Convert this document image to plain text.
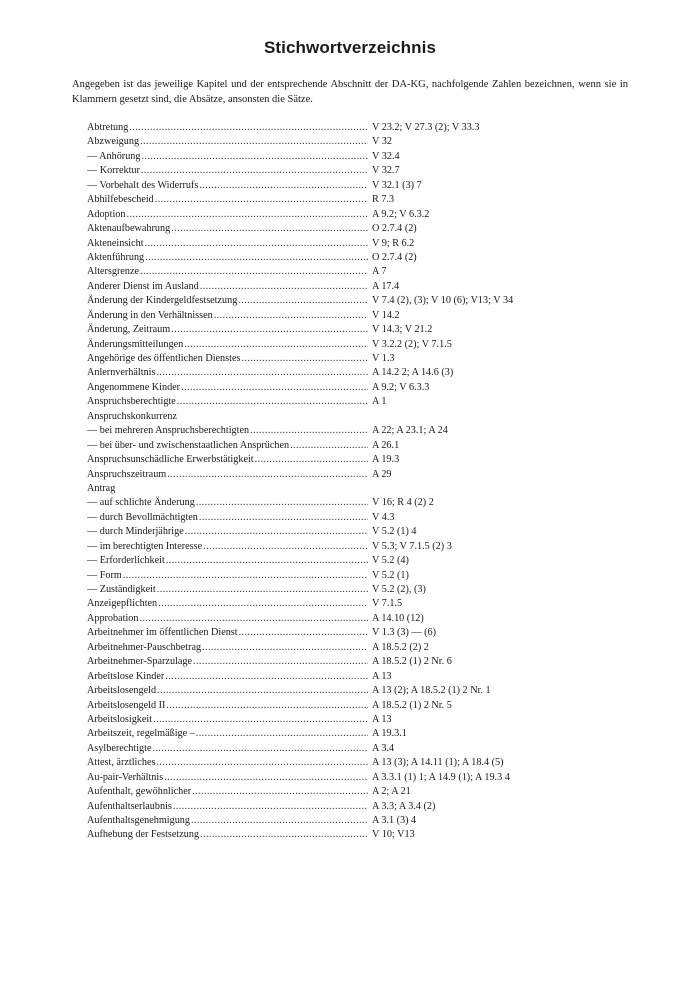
Stichwortverzeichnis
Angegeben ist das jeweilige Kapitel und der entsprechende Abschnitt der DA-KG, nachfolgende Zahlen bezeichnen, wenn sie in Klammern gesetzt sind, die Absätze, ansonsten die Sätze.
Abtretung .....	V 23.2; V 27.3 (2); V 33.3
Abzweigung .....	V 32
— Anhörung .....	V 32.4
— Korrektur .....	V 32.7
— Vorbehalt des Widerrufs .....	V 32.1 (3) 7
Abhilfebescheid .....	R 7.3
Adoption .....	A 9.2; V 6.3.2
Aktenaufbewahrung .....	O 2.7.4 (2)
Akteneinsicht .....	V 9; R 6.2
Aktenführung .....	O 2.7.4 (2)
Altersgrenze .....	A 7
Anderer Dienst im Ausland .....	A 17.4
Änderung der Kindergeldfestsetzung .....	V 7.4 (2), (3); V 10 (6); V13; V 34
Änderung in den Verhältnissen .....	V 14.2
Änderung, Zeitraum .....	V 14.3; V 21.2
Änderungsmitteilungen .....	V 3.2.2 (2); V 7.1.5
Angehörige des öffentlichen Dienstes .....	V 1.3
Anlernverhältnis .....	A 14.2 2; A 14.6 (3)
Angenommene Kinder .....	A 9.2; V 6.3.3
Anspruchsberechtigte .....	A 1
Anspruchskonkurrenz
— bei mehreren Anspruchsberechtigten .....	A 22; A 23.1; A 24
— bei über- und zwischenstaatlichen Ansprüchen .....	A 26.1
Anspruchsunschädliche Erwerbstätigkeit .....	A 19.3
Anspruchszeitraum .....	A 29
Antrag
— auf schlichte Änderung .....	V 16; R 4 (2) 2
— durch Bevollmächtigten .....	V 4.3
— durch Minderjährige .....	V 5.2 (1) 4
— im berechtigten Interesse .....	V 5.3; V 7.1.5 (2) 3
— Erforderlichkeit .....	V 5.2 (4)
— Form .....	V 5.2 (1)
— Zuständigkeit .....	V 5.2 (2), (3)
Anzeigepflichten .....	V 7.1.5
Approbation .....	A 14.10 (12)
Arbeitnehmer im öffentlichen Dienst .....	V 1.3 (3) — (6)
Arbeitnehmer-Pauschbetrag .....	A 18.5.2 (2) 2
Arbeitnehmer-Sparzulage .....	A 18.5.2 (1) 2 Nr. 6
Arbeitslose Kinder .....	A 13
Arbeitslosengeld .....	A 13 (2); A 18.5.2 (1) 2 Nr. 1
Arbeitslosengeld II .....	A 18.5.2 (1) 2 Nr. 5
Arbeitslosigkeit .....	A 13
Arbeitszeit, regelmäßige – .....	A 19.3.1
Asylberechtigte .....	A 3.4
Attest, ärztliches .....	A 13 (3); A 14.11 (1); A 18.4 (5)
Au-pair-Verhältnis .....	A 3.3.1 (1) 1; A 14.9 (1); A 19.3 4
Aufenthalt, gewöhnlicher .....	A 2; A 21
Aufenthaltserlaubnis .....	A 3.3; A 3.4 (2)
Aufenthaltsgenehmigung .....	A 3.1 (3) 4
Aufhebung der Festsetzung .....	V 10; V13
